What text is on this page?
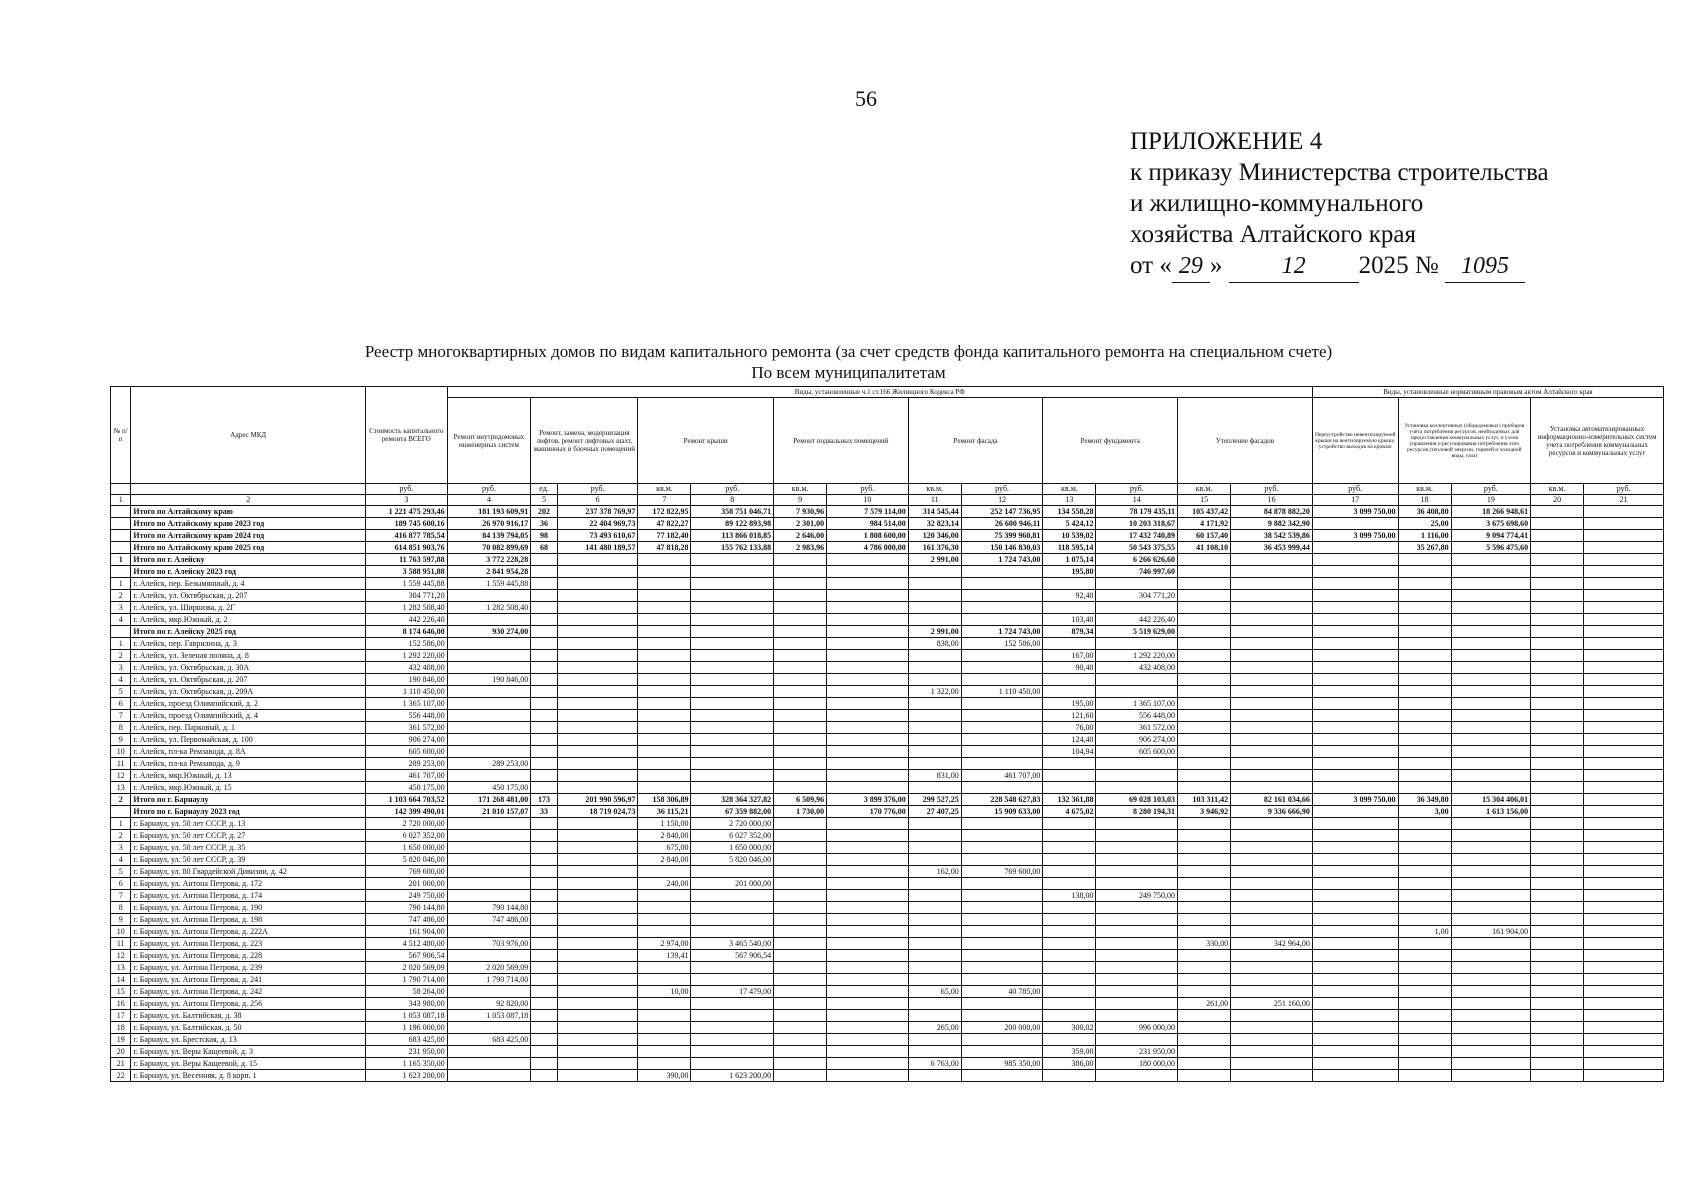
56
ПРИЛОЖЕНИЕ 4
к приказу Министерства строительства
и жилищно-коммунального
хозяйства Алтайского края
от « 29 » 12 2025 № 1095
Реестр многоквартирных домов по видам капитального ремонта (за счет средств фонда капитального ремонта на специальном счете)
По всем муниципалитетам
№ п/п	Адрес МКД	Стоимость капитального ремонта ВСЕГО	Виды, установленные ч.1 ст.166 Жилищного Кодекса РФ													Виды, установленные нормативным правовым актом Алтайского края				
			Ремонт внутридомовых инженерных систем	Ремонт, замена, модернизация лифтов, ремонт лифтовых шахт, машинных и блочных помещений		Ремонт крыши		Ремонт подвальных помещений		Ремонт фасада		Ремонт фундамента		Утепление фасадов		Переустройство невентилируемой крыши на вентилируемую крышу, устройство выходов на кровлю	Установка коллективных (общедомовых) приборов учёта потребления ресурсов, необходимых для предоставления коммунальных услуг, и узлов управления и регулирования потребления этих ресурсов (тепловой энергии, горячей и холодной воды, газа)		Установка автоматизированных информационно-измерительных систем учета потребления коммунальных ресурсов и коммунальных услуг	
		руб.	руб.	ед.	руб.	кв.м.	руб.	кв.м.	руб.	кв.м.	руб.	кв.м.	руб.	кв.м.	руб.	руб.	кв.м.	руб.	кв.м.	руб.
1	2	3	4	5	6	7	8	9	10	11	12	13	14	15	16	17	18	19	20	21
	Итого по Алтайскому краю	1 221 475 293,46	181 193 609,91	202	237 378 769,97	172 822,95	358 751 046,71	7 930,96	7 579 114,00	314 545,44	252 147 736,95	134 558,28	78 179 435,11	105 437,42	84 878 882,20	3 099 750,00	36 408,80	18 266 948,61		
	Итого по Алтайскому краю 2023 год	189 745 600,16	26 970 916,17	36	22 404 969,73	47 822,27	89 122 893,98	2 301,00	984 514,00	32 823,14	26 600 946,11	5 424,12	10 203 318,67	4 171,92	9 882 342,90		25,00	3 675 698,60		
	Итого по Алтайскому краю 2024 год	416 877 785,54	84 139 794,05	98	73 493 610,67	77 182,40	113 866 018,85	2 646,00	1 808 600,00	120 346,00	75 399 960,81	10 539,02	17 432 740,89	60 157,40	38 542 539,86	3 099 750,00	1 116,00	9 094 774,41		
	Итого по Алтайскому краю 2025 год	614 851 903,76	70 082 899,69	68	141 480 189,57	47 818,28	155 762 133,88	2 983,96	4 786 000,00	161 376,30	150 146 830,03	118 595,14	50 543 375,55	41 108,10	36 453 999,44		35 267,80	5 596 475,60		
1	Итого по г. Алейску	11 763 597,88	3 772 228,28							2 991,00	1 724 743,00	1 075,14	6 266 626,60							
	Итого по г. Алейску 2023 год	3 588 951,88	2 841 954,28									195,80	746 997,60							
1	г. Алейск, пер. Безымянный, д. 4	1 559 445,88	1 559 445,88																	
2	г. Алейск, ул. Октябрьская, д. 207	304 771,20										92,40	304 771,20							
3	г. Алейск, ул. Ширшова, д. 2Г	1 282 508,40	1 282 508,40																	
4	г. Алейск, мкр.Южный, д. 2	442 226,40										103,40	442 226,40							
	Итого по г. Алейску 2025 год	8 174 646,00	930 274,00							2 991,00	1 724 743,00	879,34	5 519 629,00							
1	г. Алейск, пер. Гаврилина, д. 3	152 586,00								838,00	152 586,00									
2	г. Алейск, ул. Зеленая поляна, д. 8	1 292 220,00										167,00	1 292 220,00							
3	г. Алейск, ул. Октябрьская, д. 30А	432 408,00										90,40	432 408,00							
4	г. Алейск, ул. Октябрьская, д. 207	190 846,00	190 846,00																	
5	г. Алейск, ул. Октябрьская, д. 209А	1 110 450,00								1 322,00	1 110 450,00									
6	г. Алейск, проезд Олимпийский, д. 2	1 365 107,00										195,00	1 365 107,00							
7	г. Алейск, проезд Олимпийский, д. 4	556 448,00										121,60	556 448,00							
8	г. Алейск, пер. Парковый, д. 1	361 572,00										76,00	361 572,00							
9	г. Алейск, ул. Первомайская, д. 100	906 274,00										124,40	906 274,00							
10	г. Алейск, пл-ка Ремзавода, д. 8А	605 600,00										104,94	605 600,00							
11	г. Алейск, пл-ка Ремзавода, д. 9	289 253,00	289 253,00																	
12	г. Алейск, мкр.Южный, д. 13	461 707,00								831,00	461 707,00									
13	г. Алейск, мкр.Южный, д. 15	450 175,00	450 175,00																	
2	Итого по г. Барнаулу	1 103 664 703,52	171 268 481,00	173	201 990 596,97	158 306,89	328 364 327,82	6 509,96	3 899 376,00	299 527,25	228 548 627,83	132 361,88	69 028 103,03	103 311,42	82 161 034,66	3 099 750,00	36 349,80	15 304 406,01		
	Итого по г. Барнаулу 2023 год	142 399 490,01	21 010 157,07	33	18 719 024,73	36 115,21	67 359 882,00	1 730,00	170 776,00	27 407,25	15 909 633,00	4 675,02	8 280 194,31	3 946,92	9 336 666,90		3,00	1 613 156,00		
1	г. Барнаул, ул. 50 лет СССР, д. 13	2 720 000,00				1 150,00	2 720 000,00													
2	г. Барнаул, ул. 50 лет СССР, д. 27	6 027 352,00				2 840,00	6 027 352,00													
3	г. Барнаул, ул. 50 лет СССР, д. 35	1 650 000,00				675,00	1 650 000,00													
4	г. Барнаул, ул. 50 лет СССР, д. 39	5 820 046,00				2 840,00	5 820 046,00													
5	г. Барнаул, ул. 80 Гвардейской Дивизии, д. 42	769 600,00								162,00	769 600,00									
6	г. Барнаул, ул. Антона Петрова, д. 172	201 000,00				240,00	201 000,00													
7	г. Барнаул, ул. Антона Петрова, д. 174	249 750,00										138,00	249 750,00							
8	г. Барнаул, ул. Антона Петрова, д. 190	790 144,80	790 144,80																	
9	г. Барнаул, ул. Антона Петрова, д. 198	747 486,00	747 486,00																	
10	г. Барнаул, ул. Антона Петрова, д. 222А	161 904,00															1,00	161 904,00		
11	г. Барнаул, ул. Антона Петрова, д. 223	4 512 480,00	703 976,00			2 974,00	3 465 540,00							330,00	342 964,00					
12	г. Барнаул, ул. Антона Петрова, д. 228	567 906,54				139,41	567 906,54													
13	г. Барнаул, ул. Антона Петрова, д. 239	2 020 569,09	2 020 569,09																	
14	г. Барнаул, ул. Антона Петрова, д. 241	1 790 714,00	1 790 714,00																	
15	г. Барнаул, ул. Антона Петрова, д. 242	58 264,00				10,00	17 479,00			65,00	40 785,00									
16	г. Барнаул, ул. Антона Петрова, д. 256	343 980,00	92 820,00											261,00	251 160,00					
17	г. Барнаул, ул. Балтийская, д. 38	1 053 087,18	1 053 087,18																	
18	г. Барнаул, ул. Балтийская, д. 50	1 196 000,00								265,00	200 000,00	300,02	996 000,00							
19	г. Барнаул, ул. Брестская, д. 13	683 425,00	683 425,00																	
20	г. Барнаул, ул. Веры Кащеевой, д. 3	231 950,00										359,00	231 950,00							
21	г. Барнаул, ул. Веры Кащеевой, д. 15	1 165 350,00								6 763,00	985 350,00	386,00	180 000,00							
22	г. Барнаул, ул. Весенняя, д. 8 корп. 1	1 623 200,00				390,00	1 623 200,00													
